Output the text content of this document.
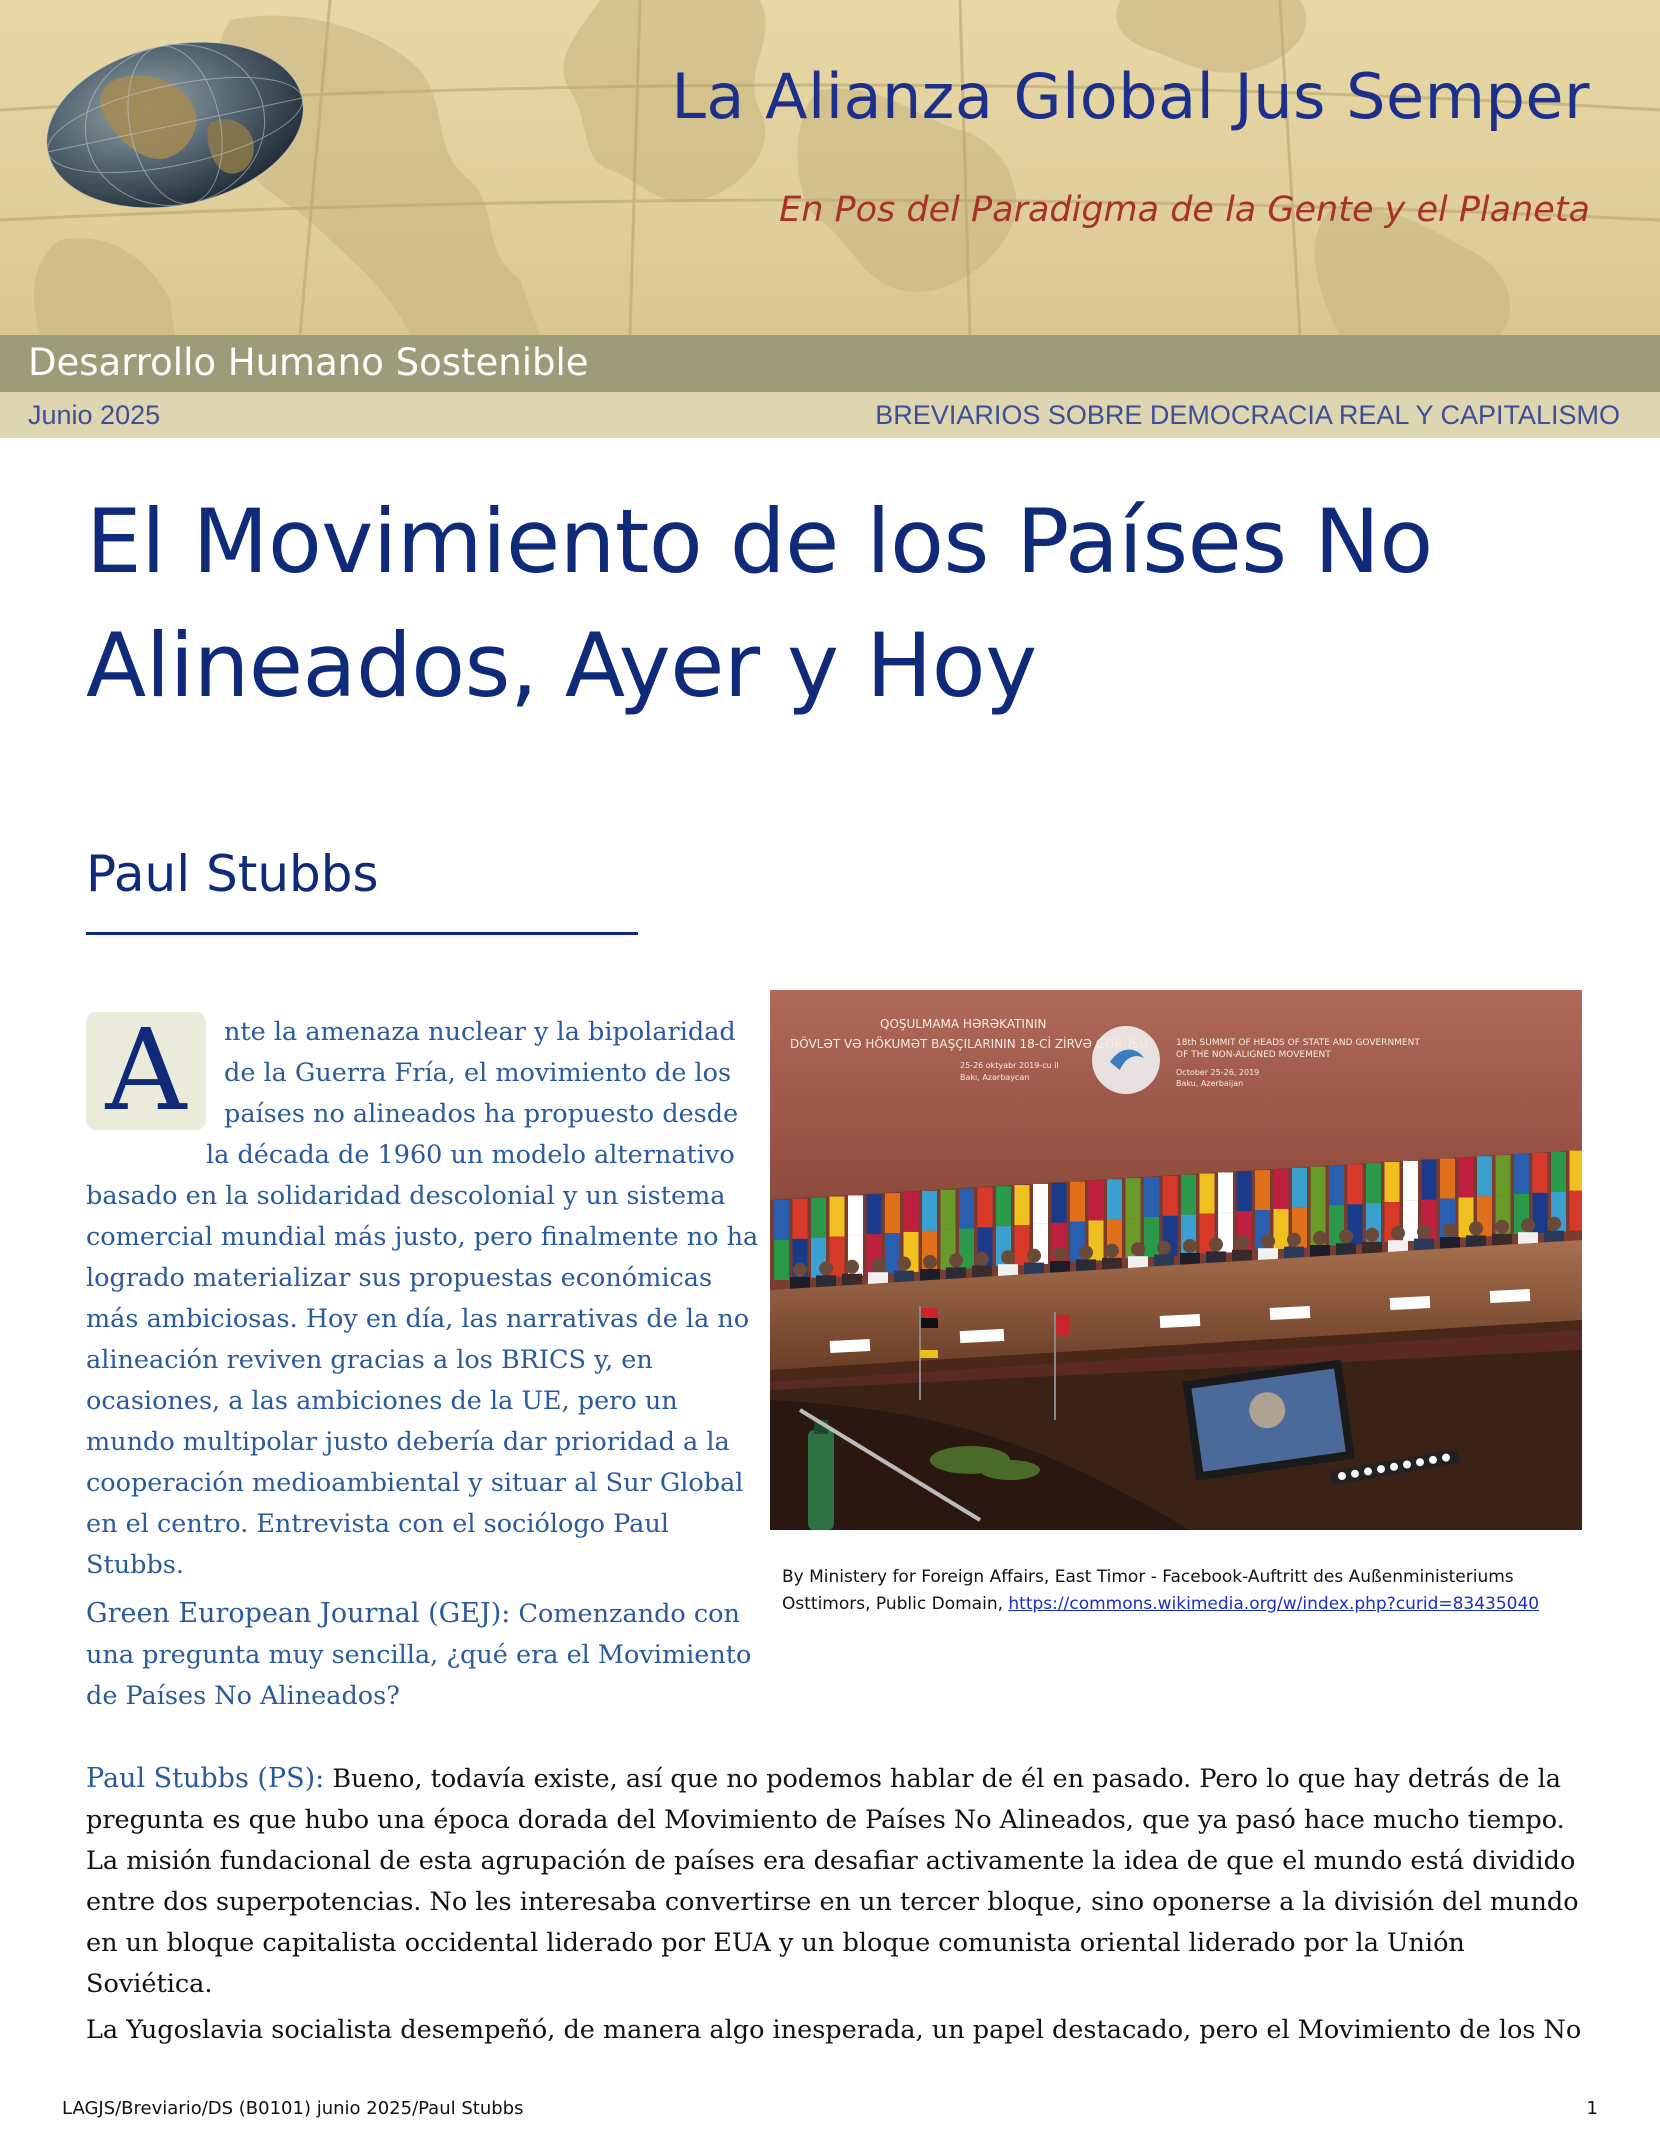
La Alianza Global Jus Semper
En Pos del Paradigma de la Gente y el Planeta
Desarrollo Humano Sostenible
Junio 2025	BREVIARIOS SOBRE DEMOCRACIA REAL Y CAPITALISMO
El Movimiento de los Países No Alineados, Ayer y Hoy
Paul Stubbs
A	nte la amenaza nuclear y la bipolaridad de la Guerra Fría, el movimiento de los países no alineados ha propuesto desde la década de 1960 un modelo alternativo basado en la solidaridad descolonial y un sistema comercial mundial más justo, pero finalmente no ha logrado materializar sus propuestas económicas más ambiciosas. Hoy en día, las narrativas de la no alineación reviven gracias a los BRICS y, en ocasiones, a las ambiciones de la UE, pero un mundo multipolar justo debería dar prioridad a la cooperación medioambiental y situar al Sur Global en el centro. Entrevista con el sociólogo Paul Stubbs.
Green European Journal (GEJ): Comenzando con una pregunta muy sencilla, ¿qué era el Movimiento de Países No Alineados?
QOŞULMAMA HƏRƏKATININ
DÖVLƏT VƏ HÖKUMƏT BAŞÇILARININ 18-Cİ ZİRVƏ GÖRÜŞÜ
25-26 oktyabr 2019-cu il
Bakı, Azərbaycan
18th SUMMIT OF HEADS OF STATE AND GOVERNMENT
OF THE NON-ALIGNED MOVEMENT
October 25-26, 2019
Baku, Azerbaijan
By Ministery for Foreign Affairs, East Timor - Facebook-Auftritt des Außenministeriums Osttimors, Public Domain, https://commons.wikimedia.org/w/index.php?curid=83435040
Paul Stubbs (PS): Bueno, todavía existe, así que no podemos hablar de él en pasado. Pero lo que hay detrás de la pregunta es que hubo una época dorada del Movimiento de Países No Alineados, que ya pasó hace mucho tiempo. La misión fundacional de esta agrupación de países era desafiar activamente la idea de que el mundo está dividido entre dos superpotencias. No les interesaba convertirse en un tercer bloque, sino oponerse a la división del mundo en un bloque capitalista occidental liderado por EUA y un bloque comunista oriental liderado por la Unión Soviética.
La Yugoslavia socialista desempeñó, de manera algo inesperada, un papel destacado, pero el Movimiento de los No
LAGJS/Breviario/DS (B0101) junio 2025/Paul Stubbs	1
